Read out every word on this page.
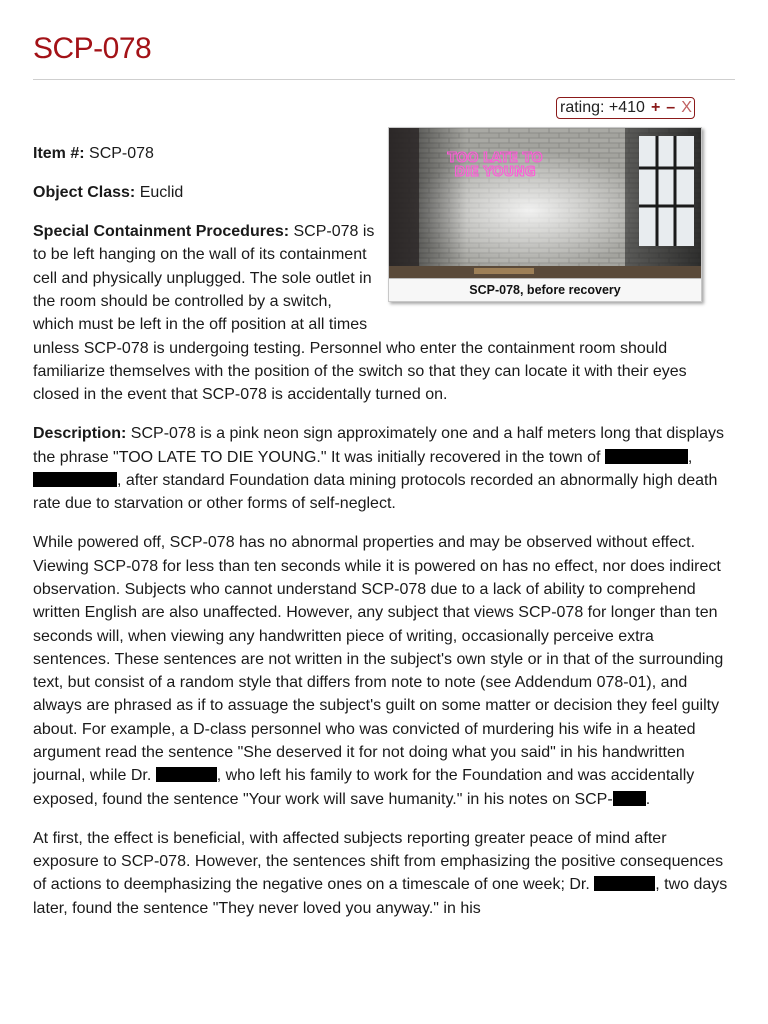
SCP-078
rating: +410 + – X
TOO LATE TO
DIE YOUNG
SCP-078, before recovery

Item #: SCP-078

Object Class: Euclid

Special Containment Procedures: SCP-078 is to be left hanging on the wall of its containment cell and physically unplugged. The sole outlet in the room should be controlled by a switch, which must be left in the off position at all times unless SCP-078 is undergoing testing. Personnel who enter the containment room should familiarize themselves with the position of the switch so that they can locate it with their eyes closed in the event that SCP-078 is accidentally turned on.

Description: SCP-078 is a pink neon sign approximately one and a half meters long that displays the phrase "TOO LATE TO DIE YOUNG." It was initially recovered in the town of	, , after standard Foundation data mining protocols recorded an abnormally high death rate due to starvation or other forms of self-neglect.

While powered off, SCP-078 has no abnormal properties and may be observed without effect. Viewing SCP-078 for less than ten seconds while it is powered on has no effect, nor does indirect observation. Subjects who cannot understand SCP-078 due to a lack of ability to comprehend written English are also unaffected. However, any subject that views SCP-078 for longer than ten seconds will, when viewing any handwritten piece of writing, occasionally perceive extra sentences. These sentences are not written in the subject's own style or in that of the surrounding text, but consist of a random style that differs from note to note (see Addendum 078-01), and always are phrased as if to assuage the subject's guilt on some matter or decision they feel guilty about. For example, a D-class personnel who was convicted of murdering his wife in a heated argument read the sentence "She deserved it for not doing what you said" in his handwritten journal, while Dr.	, who left his family to work for the Foundation and was accidentally exposed, found the sentence "Your work will save humanity." in his notes on SCP- .

At first, the effect is beneficial, with affected subjects reporting greater peace of mind after exposure to SCP-078. However, the sentences shift from emphasizing the positive consequences of actions to deemphasizing the negative ones on a timescale of one week; Dr.	, two days later, found the sentence "They never loved you anyway." in his
